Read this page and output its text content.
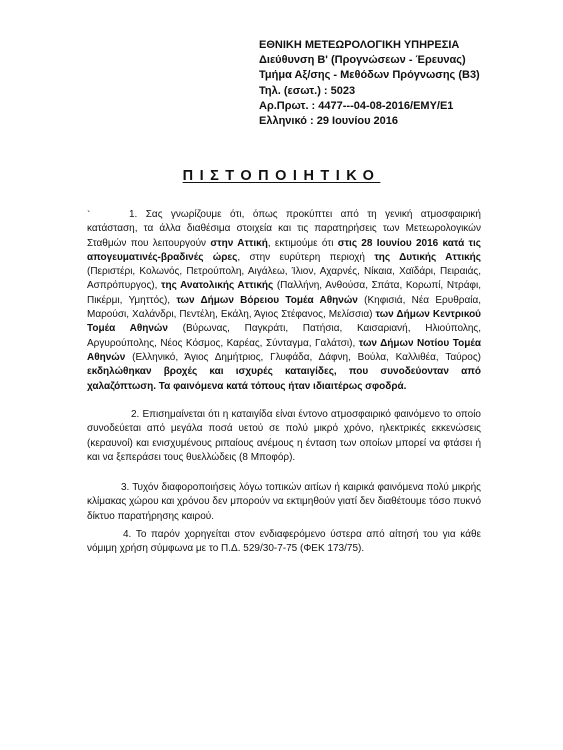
ΕΘΝΙΚΗ ΜΕΤΕΩΡΟΛΟΓΙΚΗ ΥΠΗΡΕΣΙΑ
Διεύθυνση Β' (Προγνώσεων - Έρευνας)
Τμήμα Αξ/σης - Μεθόδων Πρόγνωσης (Β3)
Τηλ. (εσωτ.) : 5023
Αρ.Πρωτ. : 4477---04-08-2016/ΕΜΥ/Ε1
Ελληνικό : 29 Ιουνίου 2016
ΠΙΣΤΟΠΟΙΗΤΙΚΟ
`	1. Σας γνωρίζουμε ότι, όπως προκύπτει από τη γενική ατμοσφαιρική κατάσταση, τα άλλα διαθέσιμα στοιχεία και τις παρατηρήσεις των Μετεωρολογικών Σταθμών που λειτουργούν στην Αττική, εκτιμούμε ότι στις 28 Ιουνίου 2016 κατά τις απογευματινές-βραδινές ώρες, στην ευρύτερη περιοχή της Δυτικής Αττικής (Περιστέρι, Κολωνός, Πετρούπολη, Αιγάλεω, Ίλιον, Αχαρνές, Νίκαια, Χαϊδάρι, Πειραιάς, Ασπρόπυργος), της Ανατολικής Αττικής (Παλλήνη, Ανθούσα, Σπάτα, Κορωπί, Ντράφι, Πικέρμι, Υμηττός), των Δήμων Βόρειου Τομέα Αθηνών (Κηφισιά, Νέα Ερυθραία, Μαρούσι, Χαλάνδρι, Πεντέλη, Εκάλη, Άγιος Στέφανος, Μελίσσια) των Δήμων Κεντρικού Τομέα Αθηνών (Βύρωνας, Παγκράτι, Πατήσια, Καισαριανή, Ηλιούπολης, Αργυρούπολης, Νέος Κόσμος, Καρέας, Σύνταγμα, Γαλάτσι), των Δήμων Νοτίου Τομέα Αθηνών (Ελληνικό, Άγιος Δημήτριος, Γλυφάδα, Δάφνη, Βούλα, Καλλιθέα, Ταύρος) εκδηλώθηκαν βροχές και ισχυρές καταιγίδες, που συνοδεύονταν από χαλαζόπτωση. Τα φαινόμενα κατά τόπους ήταν ιδιαιτέρως σφοδρά.
2. Επισημαίνεται ότι η καταιγίδα είναι έντονο ατμοσφαιρικό φαινόμενο το οποίο συνοδεύεται από μεγάλα ποσά υετού σε πολύ μικρό χρόνο, ηλεκτρικές εκκενώσεις (κεραυνοί) και ενισχυμένους ριπαίους ανέμους η ένταση των οποίων μπορεί να φτάσει ή και να ξεπεράσει τους θυελλώδεις (8 Μποφόρ).
3. Τυχόν διαφοροποιήσεις λόγω τοπικών αιτίων ή καιρικά φαινόμενα πολύ μικρής κλίμακας χώρου και χρόνου δεν μπορούν να εκτιμηθούν γιατί δεν διαθέτουμε τόσο πυκνό δίκτυο παρατήρησης καιρού.
4. Το παρόν χορηγείται στον ενδιαφερόμενο ύστερα από αίτησή του για κάθε νόμιμη χρήση σύμφωνα με το Π.Δ. 529/30-7-75 (ΦΕΚ 173/75).
